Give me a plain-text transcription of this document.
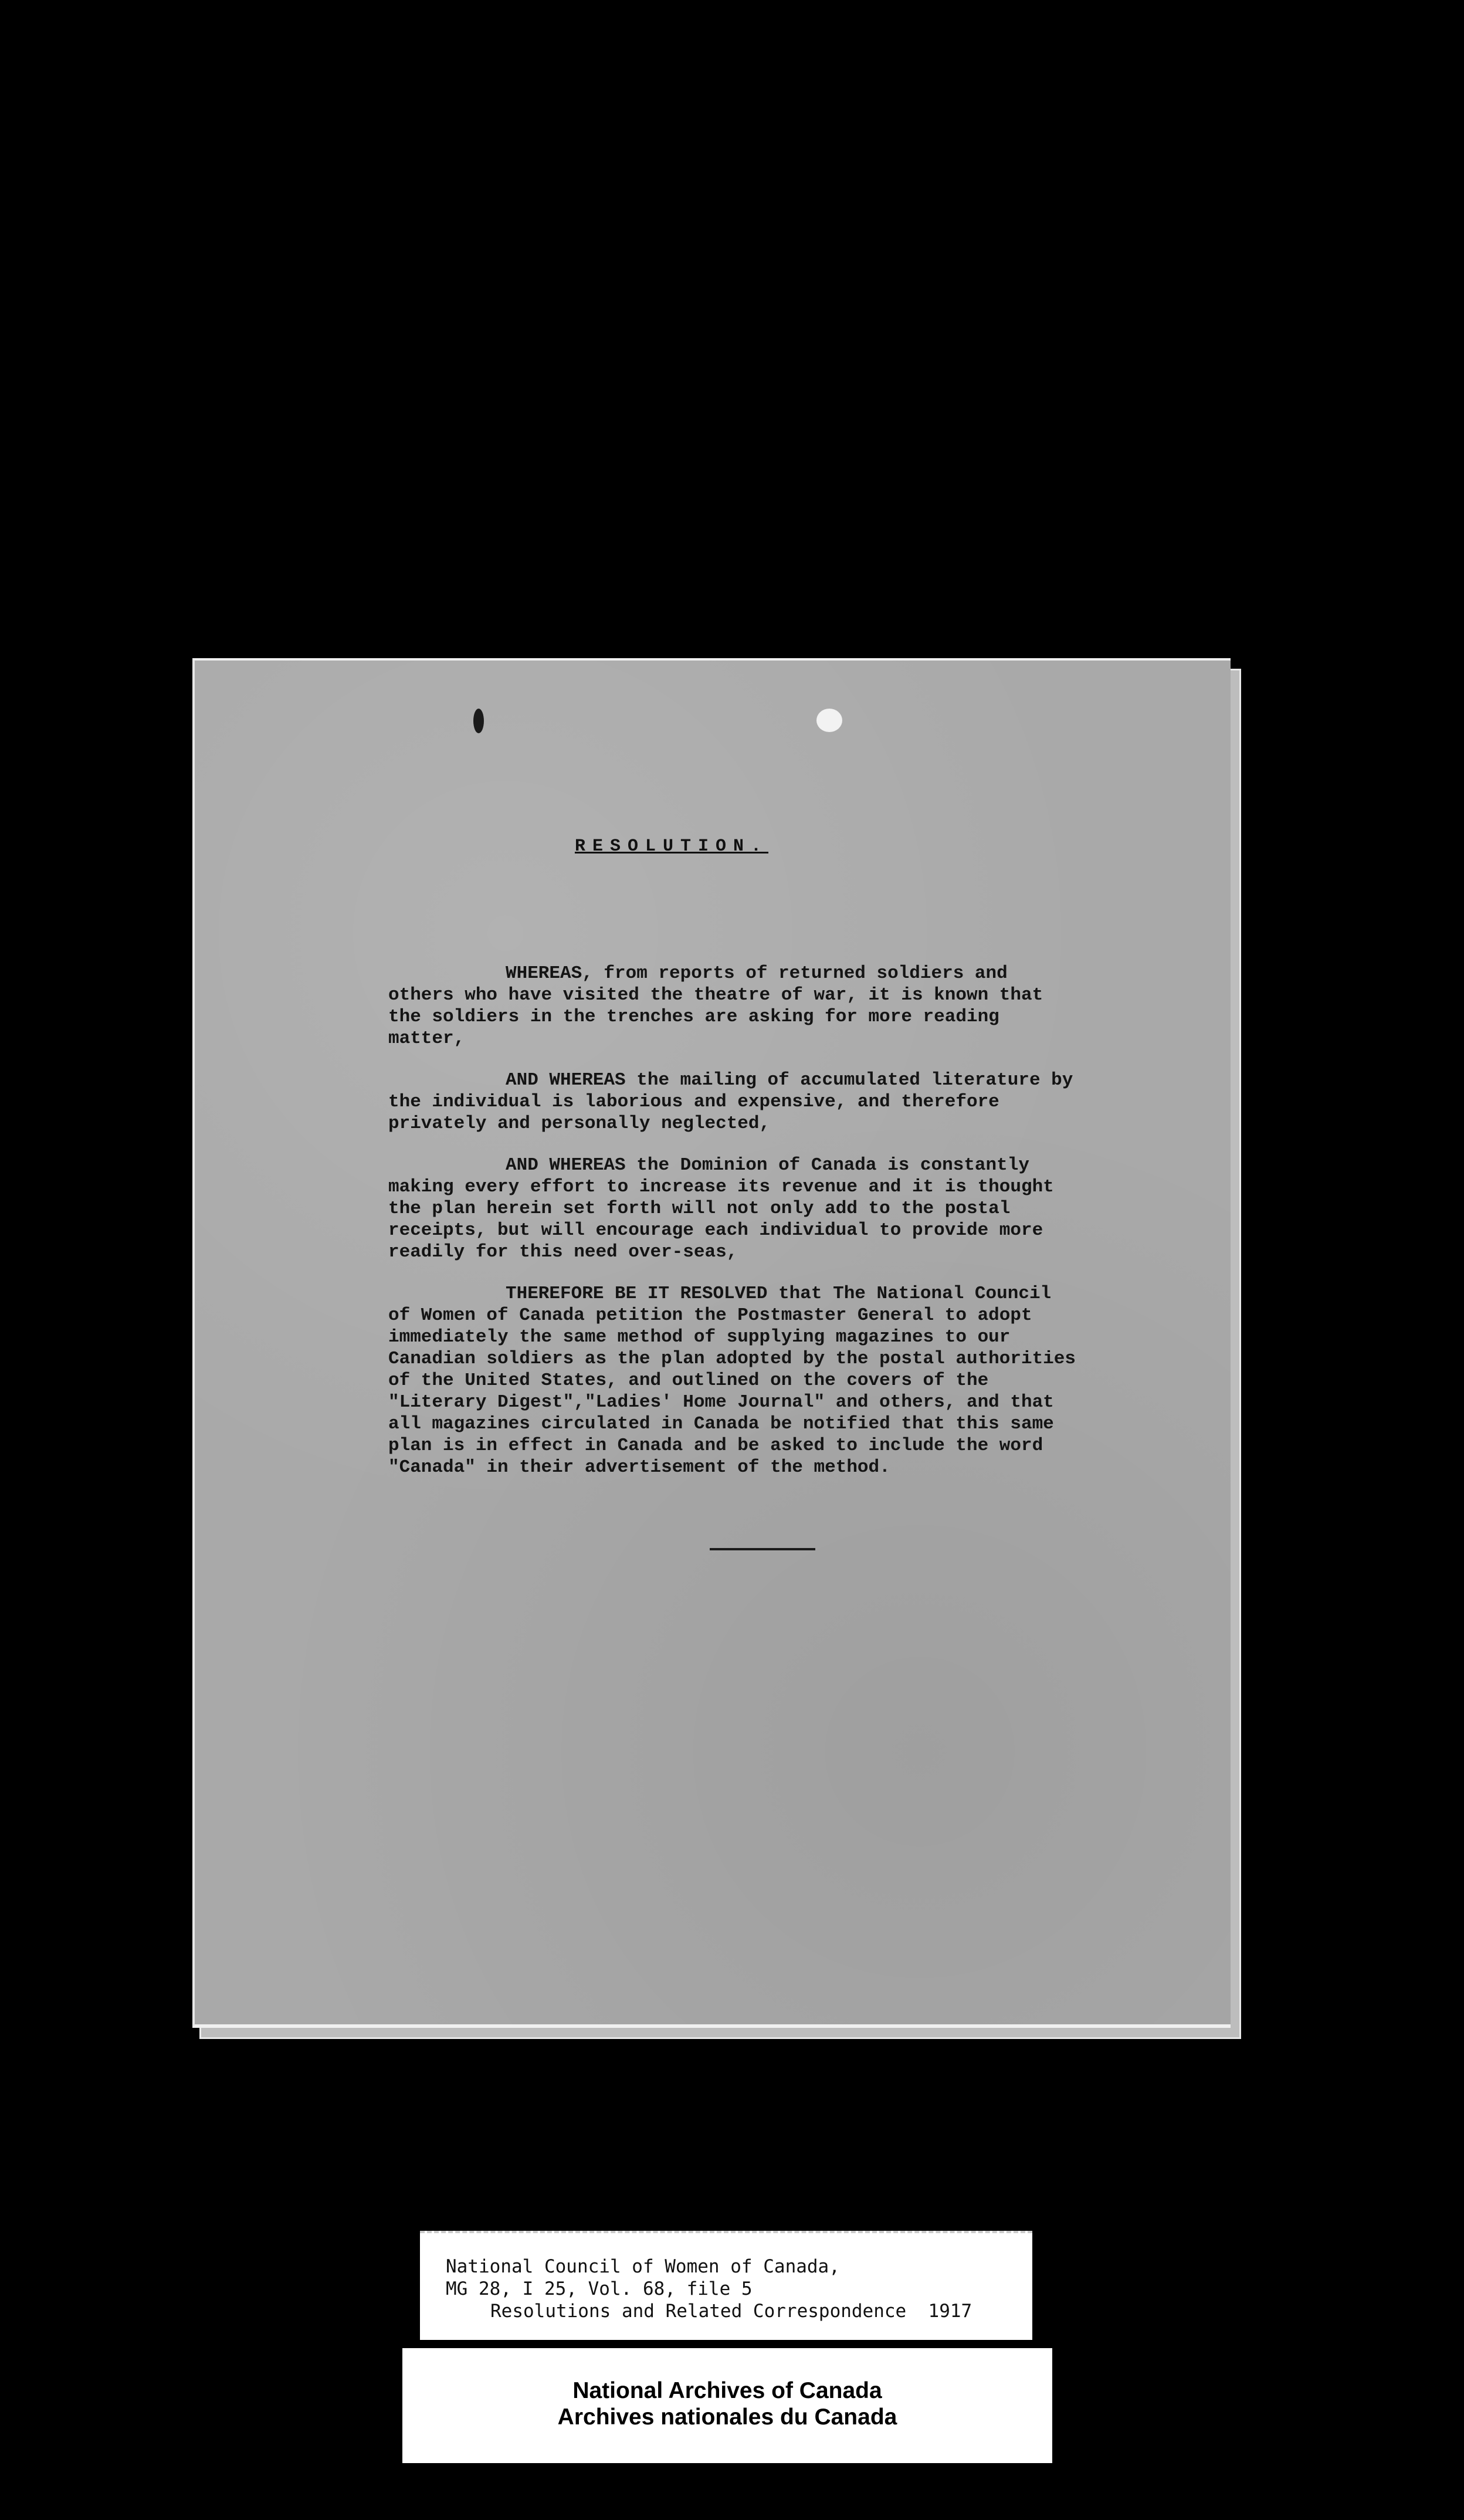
RESOLUTION.

WHEREAS, from reports of returned soldiers and others who have visited the theatre of war, it is known that the soldiers in the trenches are asking for more reading matter,

AND WHEREAS the mailing of accumulated literature by the individual is laborious and expensive, and therefore privately and personally neglected,

AND WHEREAS the Dominion of Canada is constantly making every effort to increase its revenue and it is thought the plan herein set forth will not only add to the postal receipts, but will encourage each individual to provide more readily for this need over-seas,

THEREFORE BE IT RESOLVED that The National Council of Women of Canada petition the Postmaster General to adopt immediately the same method of supplying magazines to our Canadian soldiers as the plan adopted by the postal authorities of the United States, and outlined on the covers of the "Literary Digest","Ladies' Home Journal" and others, and that all magazines circulated in Canada be notified that this same plan is in effect in Canada and be asked to include the word "Canada" in their advertisement of the method.

National Council of Women of Canada,
MG 28, I 25, Vol. 68, file 5
Resolutions and Related Correspondence  1917
National Archives of Canada
Archives nationales du Canada
